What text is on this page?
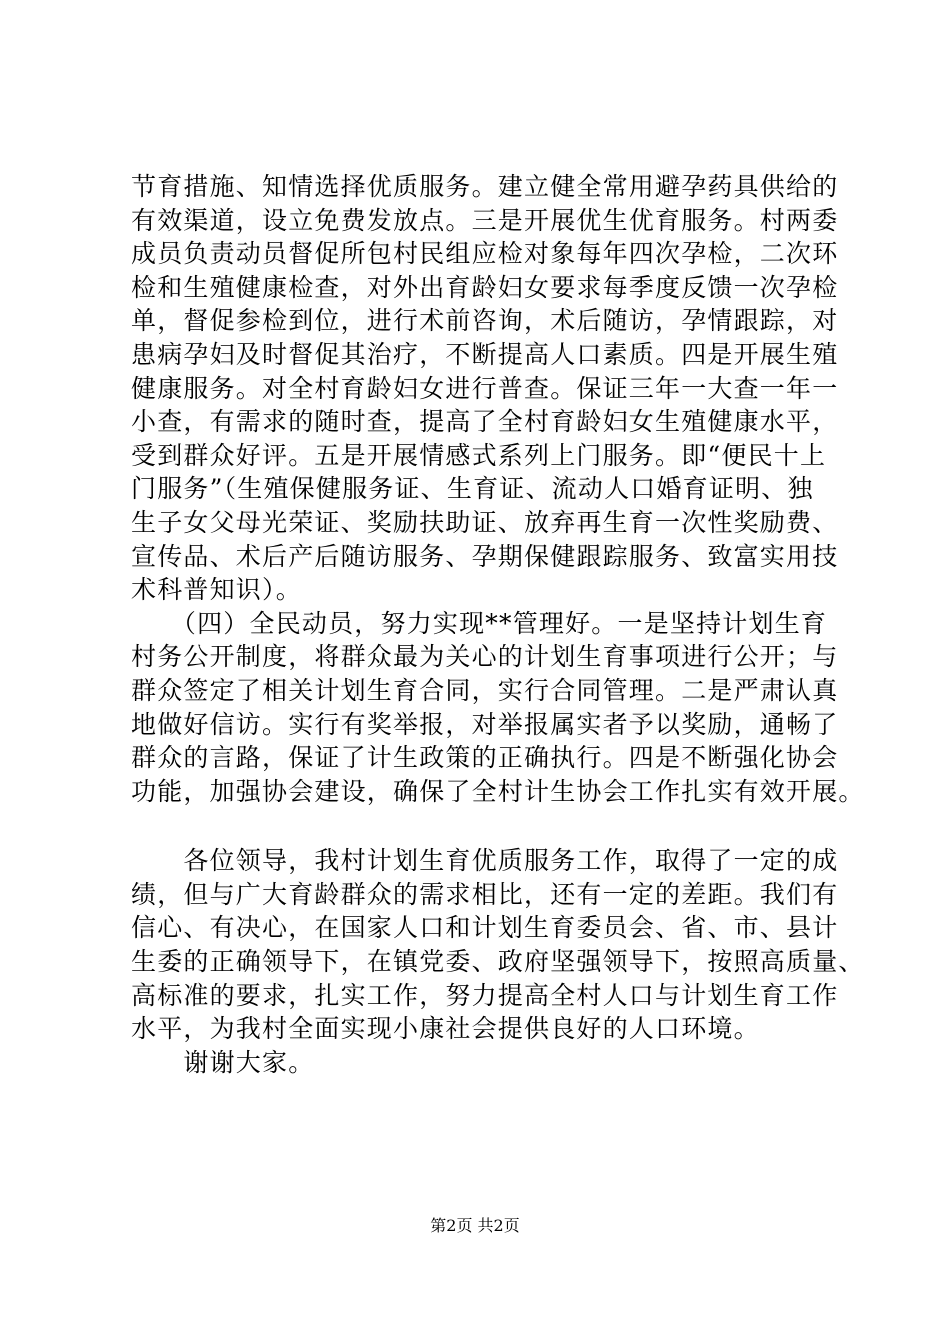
节育措施、知情选择优质服务。建立健全常用避孕药具供给的
有效渠道，设立免费发放点。三是开展优生优育服务。村两委
成员负责动员督促所包村民组应检对象每年四次孕检，二次环
检和生殖健康检查，对外出育龄妇女要求每季度反馈一次孕检
单，督促参检到位，进行术前咨询，术后随访，孕情跟踪，对
患病孕妇及时督促其治疗，不断提高人口素质。四是开展生殖
健康服务。对全村育龄妇女进行普查。保证三年一大查一年一
小查，有需求的随时查，提高了全村育龄妇女生殖健康水平，
受到群众好评。五是开展情感式系列上门服务。即“便民十上
门服务”（生殖保健服务证、生育证、流动人口婚育证明、独
生子女父母光荣证、奖励扶助证、放弃再生育一次性奖励费、
宣传品、术后产后随访服务、孕期保健跟踪服务、致富实用技
术科普知识）。
　　（四）全民动员，努力实现**管理好。一是坚持计划生育
村务公开制度，将群众最为关心的计划生育事项进行公开；与
群众签定了相关计划生育合同，实行合同管理。二是严肃认真
地做好信访。实行有奖举报，对举报属实者予以奖励，通畅了
群众的言路，保证了计生政策的正确执行。四是不断强化协会
功能，加强协会建设，确保了全村计生协会工作扎实有效开展。
　　各位领导，我村计划生育优质服务工作，取得了一定的成
绩，但与广大育龄群众的需求相比，还有一定的差距。我们有
信心、有决心，在国家人口和计划生育委员会、省、市、县计
生委的正确领导下，在镇党委、政府坚强领导下，按照高质量、
高标准的要求，扎实工作，努力提高全村人口与计划生育工作
水平，为我村全面实现小康社会提供良好的人口环境。
　　谢谢大家。
第2页 共2页
